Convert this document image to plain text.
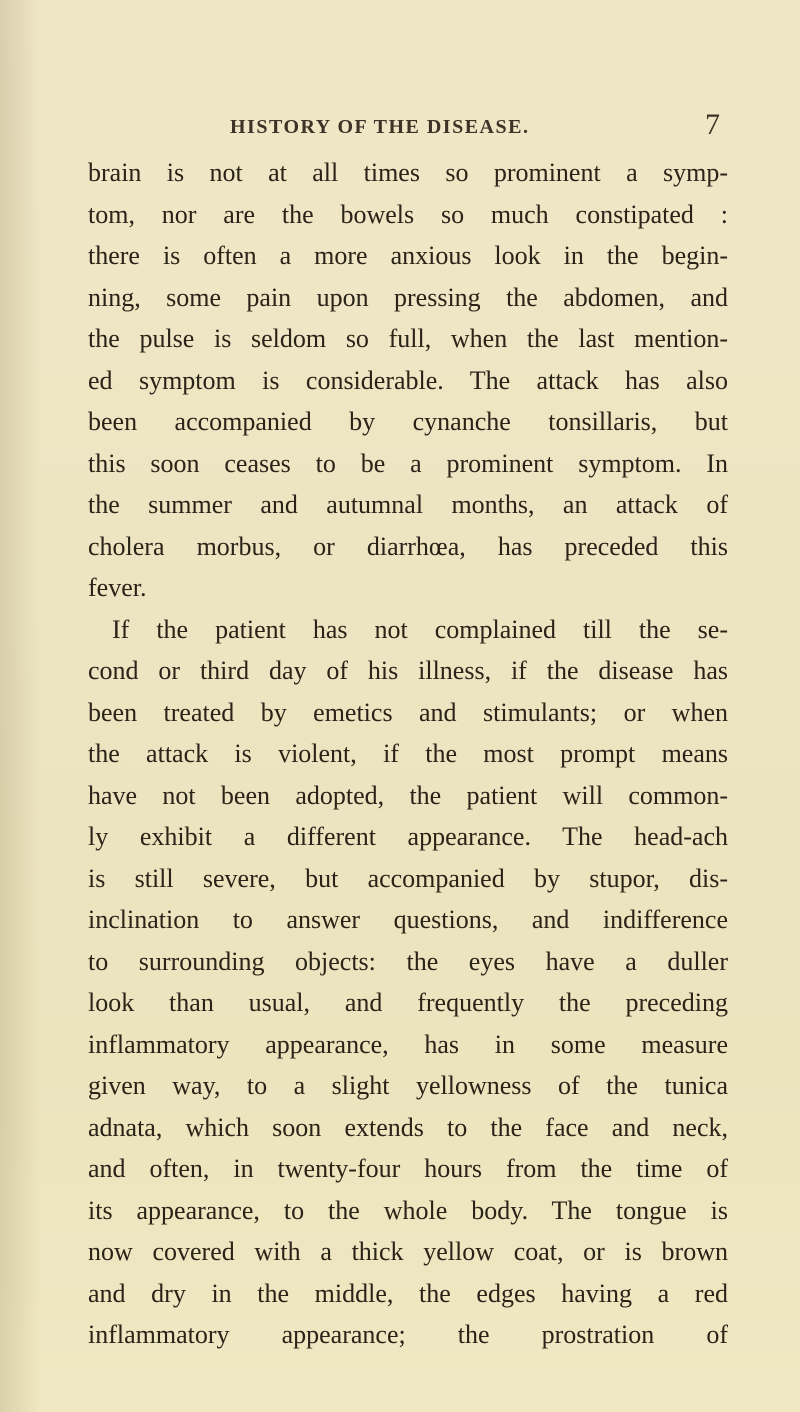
HISTORY OF THE DISEASE.	7
brain is not at all times so prominent a symp-
tom, nor are the bowels so much constipated :
there is often a more anxious look in the begin-
ning, some pain upon pressing the abdomen, and
the pulse is seldom so full, when the last mention-
ed symptom is considerable. The attack has also
been accompanied by cynanche tonsillaris, but
this soon ceases to be a prominent symptom. In
the summer and autumnal months, an attack of
cholera morbus, or diarrhœa, has preceded this
fever.
If the patient has not complained till the se-
cond or third day of his illness, if the disease has
been treated by emetics and stimulants; or when
the attack is violent, if the most prompt means
have not been adopted, the patient will common-
ly exhibit a different appearance. The head-ach
is still severe, but accompanied by stupor, dis-
inclination to answer questions, and indifference
to surrounding objects: the eyes have a duller
look than usual, and frequently the preceding
inflammatory appearance, has in some measure
given way, to a slight yellowness of the tunica
adnata, which soon extends to the face and neck,
and often, in twenty-four hours from the time of
its appearance, to the whole body. The tongue is
now covered with a thick yellow coat, or is brown
and dry in the middle, the edges having a red
inflammatory appearance; the prostration of
